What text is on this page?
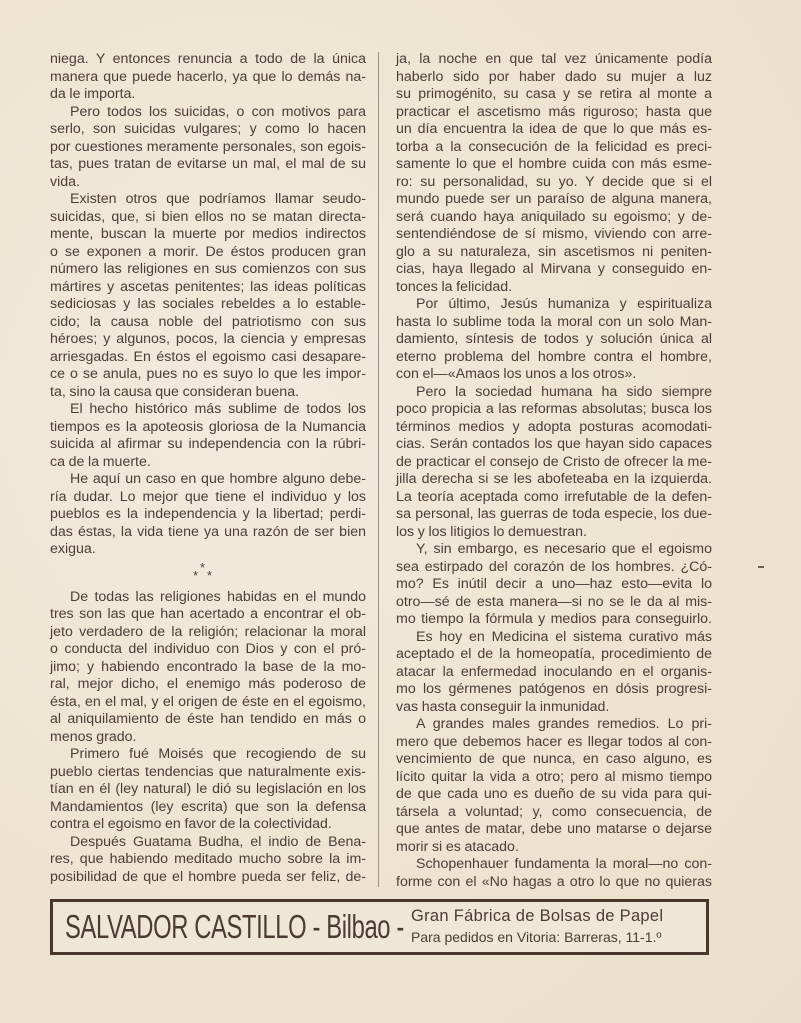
niega. Y entonces renuncia a todo de la única
manera que puede hacerlo, ya que lo demás na-
da le importa.
Pero todos los suicidas, o con motivos para
serlo, son suicidas vulgares; y como lo hacen
por cuestiones meramente personales, son egois-
tas, pues tratan de evitarse un mal, el mal de su
vida.
Existen otros que podríamos llamar seudo-
suicidas, que, si bien ellos no se matan directa-
mente, buscan la muerte por medios indirectos
o se exponen a morir. De éstos producen gran
número las religiones en sus comienzos con sus
mártires y ascetas penitentes; las ideas políticas
sediciosas y las sociales rebeldes a lo estable-
cido; la causa noble del patriotismo con sus
héroes; y algunos, pocos, la ciencia y empresas
arriesgadas. En éstos el egoismo casi desapare-
ce o se anula, pues no es suyo lo que les impor-
ta, sino la causa que consideran buena.
El hecho histórico más sublime de todos los
tiempos es la apoteosis gloriosa de la Numancia
suicida al afirmar su independencia con la rúbri-
ca de la muerte.
He aquí un caso en que hombre alguno debe-
ría dudar. Lo mejor que tiene el individuo y los
pueblos es la independencia y la libertad; perdi-
das éstas, la vida tiene ya una razón de ser bien
exigua.
*
* *
De todas las religiones habidas en el mundo
tres son las que han acertado a encontrar el ob-
jeto verdadero de la religión; relacionar la moral
o conducta del individuo con Dios y con el pró-
jimo; y habiendo encontrado la base de la mo-
ral, mejor dicho, el enemigo más poderoso de
ésta, en el mal, y el origen de éste en el egoismo,
al aniquilamiento de éste han tendido en más o
menos grado.
Primero fué Moisés que recogiendo de su
pueblo ciertas tendencias que naturalmente exis-
tían en él (ley natural) le dió su legislación en los
Mandamientos (ley escrita) que son la defensa
contra el egoismo en favor de la colectividad.
Después Guatama Budha, el indio de Bena-
res, que habiendo meditado mucho sobre la im-
posibilidad de que el hombre pueda ser feliz, de-
ja, la noche en que tal vez únicamente podía
haberlo sido por haber dado su mujer a luz
su primogénito, su casa y se retira al monte a
practicar el ascetismo más riguroso; hasta que
un día encuentra la idea de que lo que más es-
torba a la consecución de la felicidad es preci-
samente lo que el hombre cuida con más esme-
ro: su personalidad, su yo. Y decide que si el
mundo puede ser un paraíso de alguna manera,
será cuando haya aniquilado su egoismo; y de-
sentendiéndose de sí mismo, viviendo con arre-
glo a su naturaleza, sin ascetismos ni peniten-
cias, haya llegado al Mirvana y conseguido en-
tonces la felicidad.
Por último, Jesús humaniza y espiritualiza
hasta lo sublime toda la moral con un solo Man-
damiento, síntesis de todos y solución única al
eterno problema del hombre contra el hombre,
con el—«Amaos los unos a los otros».
Pero la sociedad humana ha sido siempre
poco propicia a las reformas absolutas; busca los
términos medios y adopta posturas acomodati-
cias. Serán contados los que hayan sido capaces
de practicar el consejo de Cristo de ofrecer la me-
jilla derecha si se les abofeteaba en la izquierda.
La teoría aceptada como irrefutable de la defen-
sa personal, las guerras de toda especie, los due-
los y los litigios lo demuestran.
Y, sin embargo, es necesario que el egoismo
sea estirpado del corazón de los hombres. ¿Có-
mo? Es inútil decir a uno—haz esto—evita lo
otro—sé de esta manera—si no se le da al mis-
mo tiempo la fórmula y medios para conseguirlo.
Es hoy en Medicina el sistema curativo más
aceptado el de la homeopatía, procedimiento de
atacar la enfermedad inoculando en el organis-
mo los gérmenes patógenos en dósis progresi-
vas hasta conseguir la inmunidad.
A grandes males grandes remedios. Lo pri-
mero que debemos hacer es llegar todos al con-
vencimiento de que nunca, en caso alguno, es
lícito quitar la vida a otro; pero al mismo tiempo
de que cada uno es dueño de su vida para qui-
társela a voluntad; y, como consecuencia, de
que antes de matar, debe uno matarse o dejarse
morir si es atacado.
Schopenhauer fundamenta la moral—no con-
forme con el «No hagas a otro lo que no quieras
SALVADOR CASTILLO - Bilbao - Gran Fábrica de Bolsas de Papel
Para pedidos en Vitoria: Barreras, 11-1.º
